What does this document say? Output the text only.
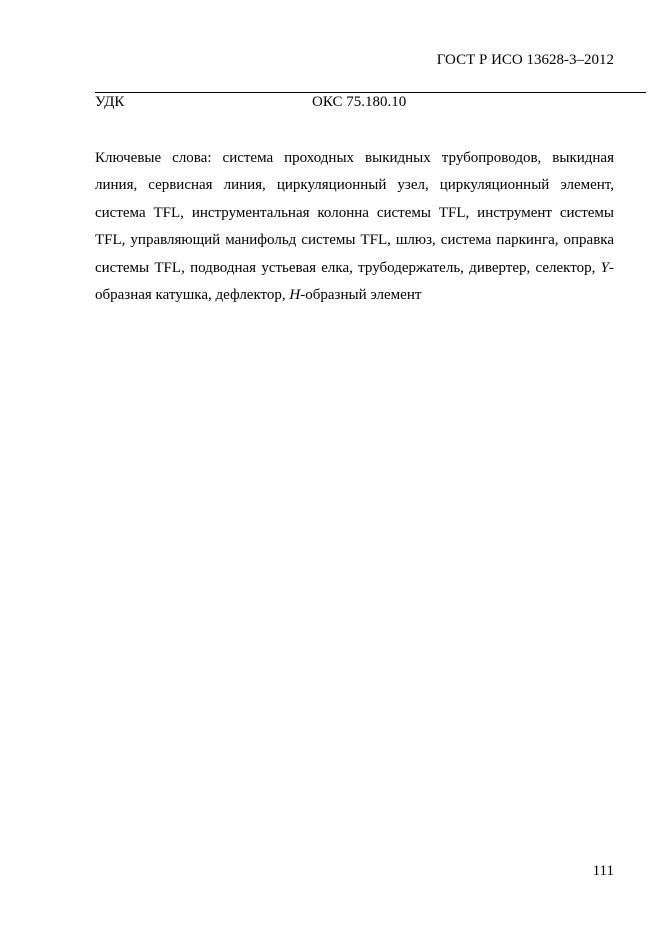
ГОСТ Р ИСО 13628-3–2012
УДК	ОКС 75.180.10

Ключевые слова: система проходных выкидных трубопроводов, выкидная линия, сервисная линия, циркуляционный узел, циркуляционный элемент, система TFL, инструментальная колонна системы TFL, инструмент системы TFL, управляющий манифольд системы TFL, шлюз, система паркинга, оправка системы TFL, подводная устьевая елка, трубодержатель, дивертер, селектор, Y-образная катушка, дефлектор, H-образный элемент

111
